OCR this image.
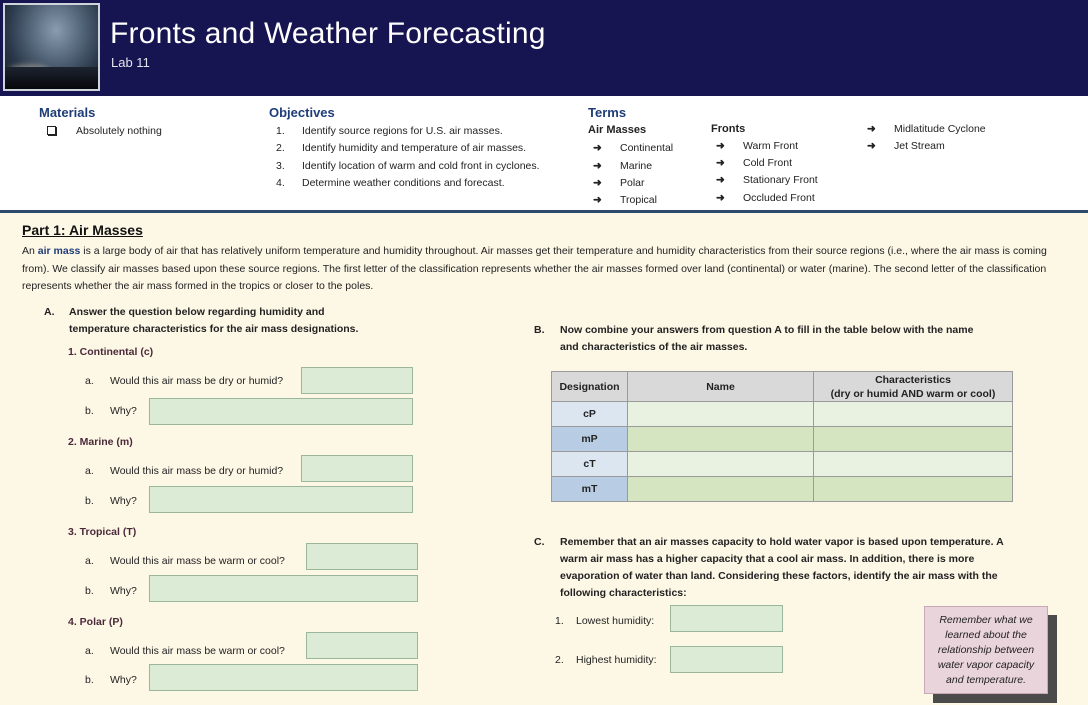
Fronts and Weather Forecasting
Lab 11
Materials
Absolutely nothing
Objectives
1. Identify source regions for U.S. air masses.
2. Identify humidity and temperature of air masses.
3. Identify location of warm and cold front in cyclones.
4. Determine weather conditions and forecast.
Terms
Air Masses
➜ Continental
➜ Marine
➜ Polar
➜ Tropical
Fronts
➜ Warm Front
➜ Cold Front
➜ Stationary Front
➜ Occluded Front
➜ Midlatitude Cyclone
➜ Jet Stream
Part 1: Air Masses
An air mass is a large body of air that has relatively uniform temperature and humidity throughout. Air masses get their temperature and humidity characteristics from their source regions (i.e., where the air mass is coming from). We classify air masses based upon these source regions. The first letter of the classification represents whether the air masses formed over land (continental) or water (marine). The second letter of the classification represents whether the air mass formed in the tropics or closer to the poles.
A. Answer the question below regarding humidity and
temperature characteristics for the air mass designations.
1. Continental (c)
a. Would this air mass be dry or humid?
b. Why?
2. Marine (m)
a. Would this air mass be dry or humid?
b. Why?
3. Tropical (T)
a. Would this air mass be warm or cool?
b. Why?
4. Polar (P)
a. Would this air mass be warm or cool?
b. Why?
B. Now combine your answers from question A to fill in the table below with the name
and characteristics of the air masses.
Designation	Name	Characteristics
(dry or humid AND warm or cool)

cP		
mP		
cT		
mT		
C. Remember that an air masses capacity to hold water vapor is based upon temperature. A
warm air mass has a higher capacity that a cool air mass. In addition, there is more
evaporation of water than land. Considering these factors, identify the air mass with the
following characteristics:
1. Lowest humidity:
2. Highest humidity:
Remember what we learned about the relationship between water vapor capacity and temperature.
